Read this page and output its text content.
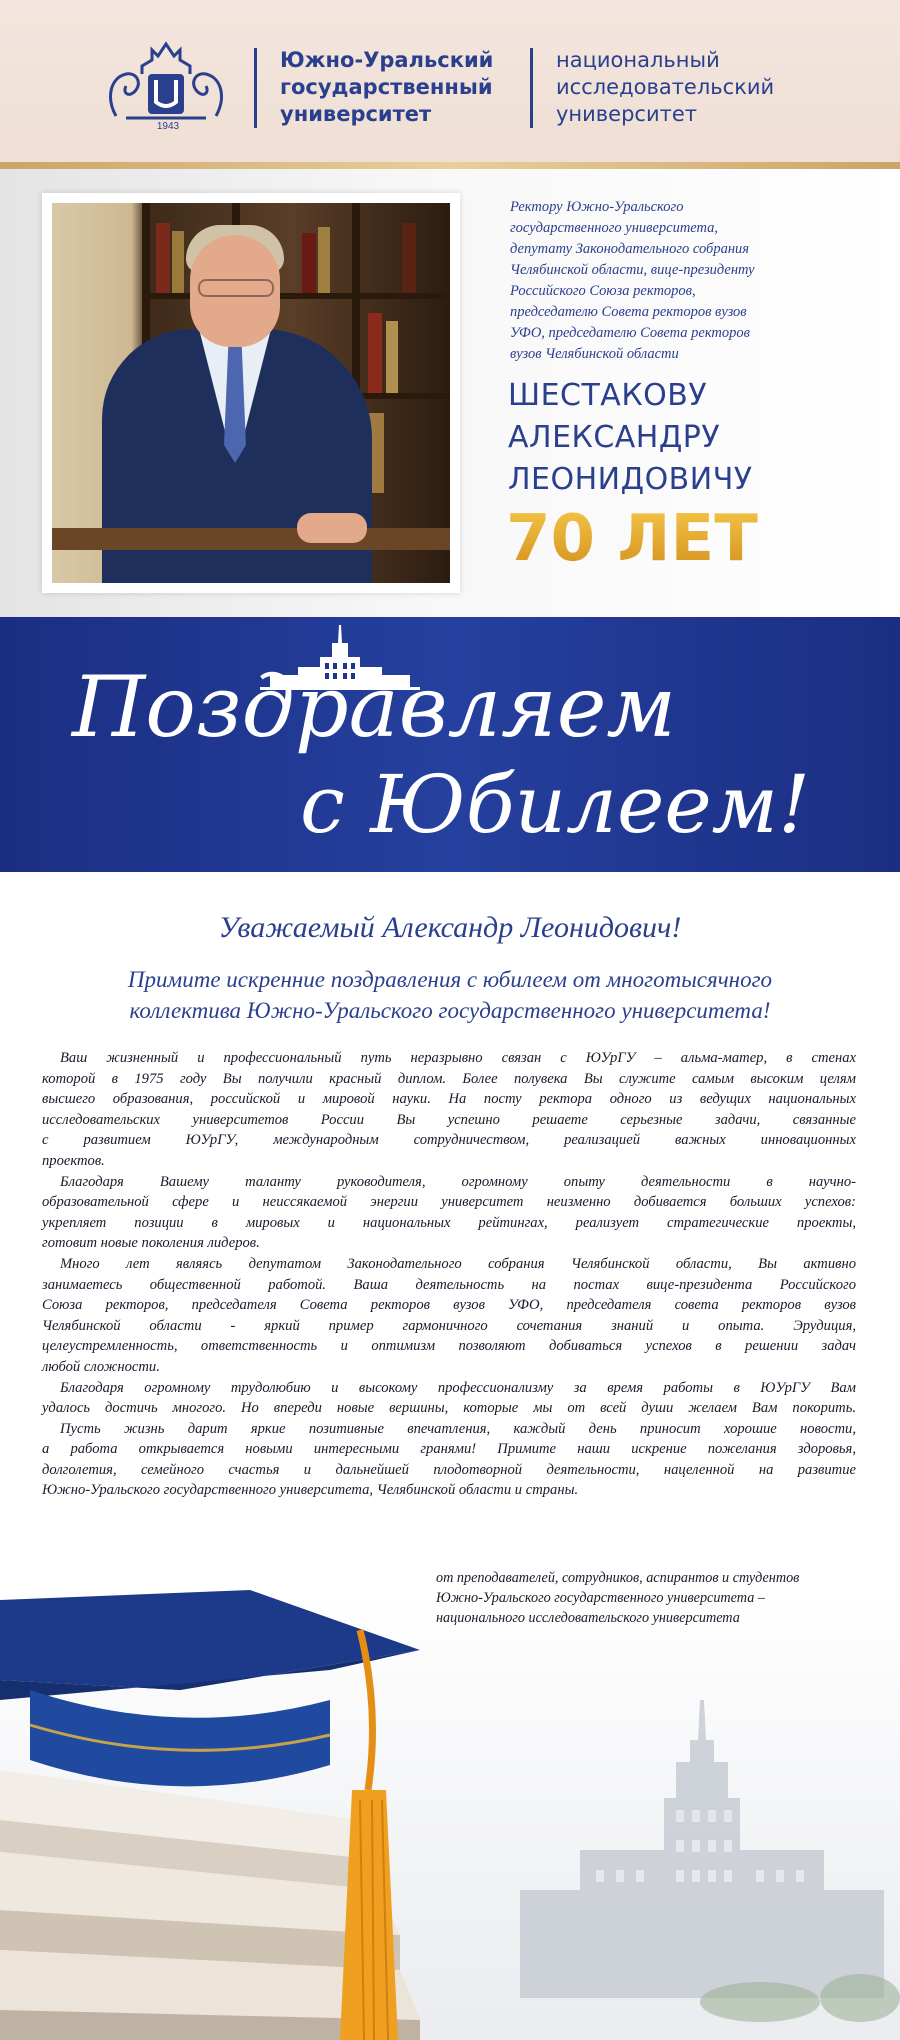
1943
Южно-Уральский
государственный
университет
национальный
исследовательский
университет
Ректору Южно-Уральского
государственного университета,
депутату Законодательного собрания
Челябинской области, вице-президенту
Российского Союза ректоров,
председателю Совета ректоров вузов
УФО, председателю Совета ректоров
вузов Челябинской области
ШЕСТАКОВУ
АЛЕКСАНДРУ
ЛЕОНИДОВИЧУ
70 ЛЕТ
Поздравляем
с Юбилеем!
Уважаемый Александр Леонидович!
Примите искренние поздравления с юбилеем от многотысячного
коллектива Южно-Уральского государственного университета!
Ваш жизненный и профессиональный путь неразрывно связан с ЮУрГУ – альма-матер, в стенах
которой в 1975 году Вы получили красный диплом. Более полувека Вы служите самым высоким целям
высшего образования, российской и мировой науки. На посту ректора одного из ведущих национальных
исследовательских университетов России Вы успешно решаете серьезные задачи, связанные
с развитием ЮУрГУ, международным сотрудничеством, реализацией важных инновационных
проектов.
Благодаря Вашему таланту руководителя, огромному опыту деятельности в научно-
образовательной сфере и неиссякаемой энергии университет неизменно добивается больших успехов:
укрепляет позиции в мировых и национальных рейтингах, реализует стратегические проекты,
готовит новые поколения лидеров.
Много лет являясь депутатом Законодательного собрания Челябинской области, Вы активно
занимаетесь общественной работой. Ваша деятельность на постах вице-президента Российского
Союза ректоров, председателя Совета ректоров вузов УФО, председателя совета ректоров вузов
Челябинской области - яркий пример гармоничного сочетания знаний и опыта. Эрудиция,
целеустремленность, ответственность и оптимизм позволяют добиваться успехов в решении задач
любой сложности.
Благодаря огромному трудолюбию и высокому профессионализму за время работы в ЮУрГУ Вам
удалось достичь многого. Но впереди новые вершины, которые мы от всей души желаем Вам покорить.
Пусть жизнь дарит яркие позитивные впечатления, каждый день приносит хорошие новости,
а работа открывается новыми интересными гранями! Примите наши искрение пожелания здоровья,
долголетия, семейного счастья и дальнейшей плодотворной деятельности, нацеленной на развитие
Южно-Уральского государственного университета, Челябинской области и страны.
от преподавателей, сотрудников, аспирантов и студентов
Южно-Уральского государственного университета –
национального исследовательского университета
